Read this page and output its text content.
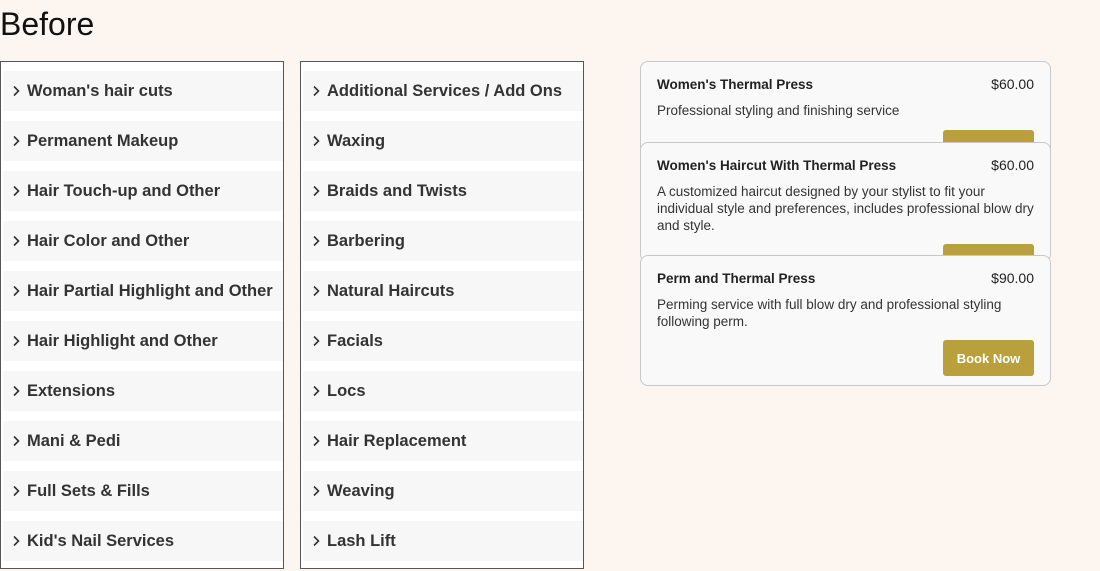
Before
Woman's hair cuts
Permanent Makeup
Hair Touch-up and Other
Hair Color and Other
Hair Partial Highlight and Other
Hair Highlight and Other
Extensions
Mani & Pedi
Full Sets & Fills
Kid's Nail Services
Additional Services / Add Ons
Waxing
Braids and Twists
Barbering
Natural Haircuts
Facials
Locs
Hair Replacement
Weaving
Lash Lift
Women's Thermal Press	$60.00
Professional styling and finishing service
Women's Haircut With Thermal Press	$60.00
A customized haircut designed by your stylist to fit your individual style and preferences, includes professional blow dry and style.
Perm and Thermal Press	$90.00
Perming service with full blow dry and professional styling following perm.
Book Now
